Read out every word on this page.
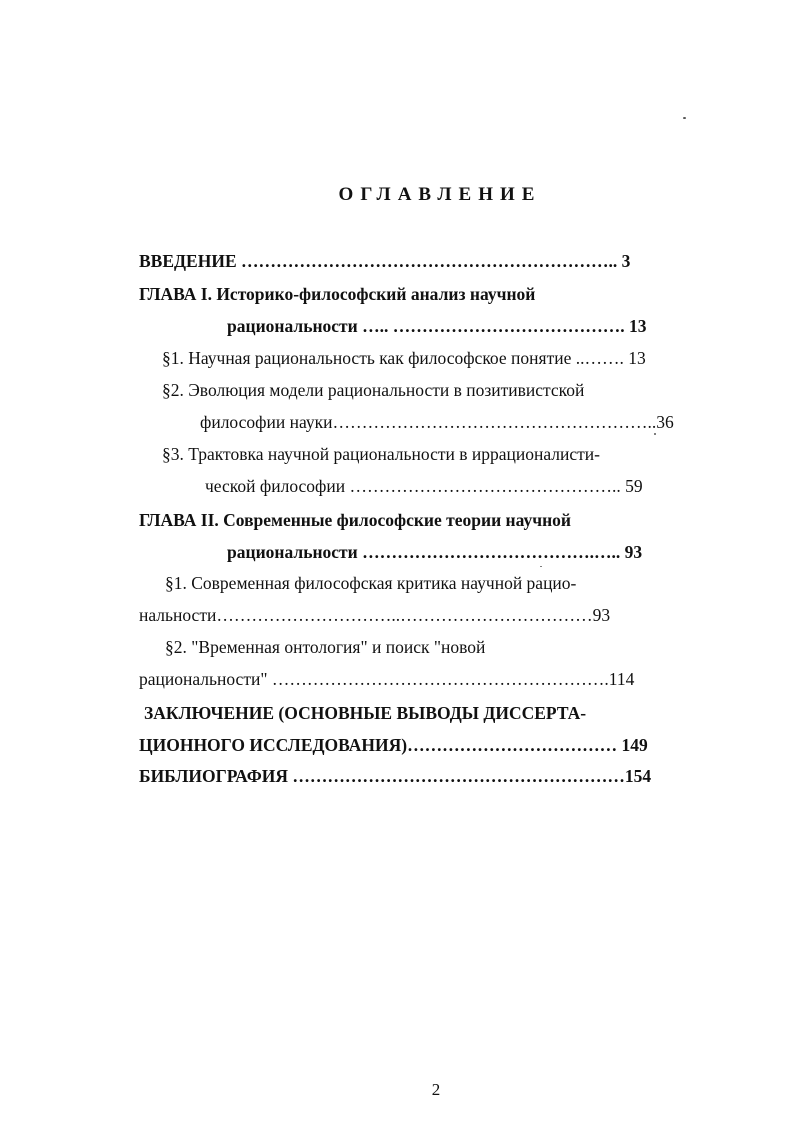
ОГЛАВЛЕНИЕ
ВВЕДЕНИЕ ……………………………………………………….. 3
ГЛАВА I. Историко-философский анализ научной
рациональности ….. …………………………………. 13
§1. Научная рациональность как философское понятие ..……. 13
§2. Эволюция модели рациональности в позитивистской
философии науки………………………………………………..36
§3. Трактовка научной рациональности в иррационалисти-
ческой философии ……………………………………….. 59
ГЛАВА II. Современные философские теории научной
рациональности ………………………………….….. 93
§1. Современная философская критика научной рацио-
нальности…………………………..……………………………93
§2. "Временная онтология" и поиск "новой
рациональности" ………………………………………………….114
ЗАКЛЮЧЕНИЕ (ОСНОВНЫЕ ВЫВОДЫ ДИССЕРТА-
ЦИОННОГО ИССЛЕДОВАНИЯ)……………………………… 149
БИБЛИОГРАФИЯ …………………………………………………154
2
